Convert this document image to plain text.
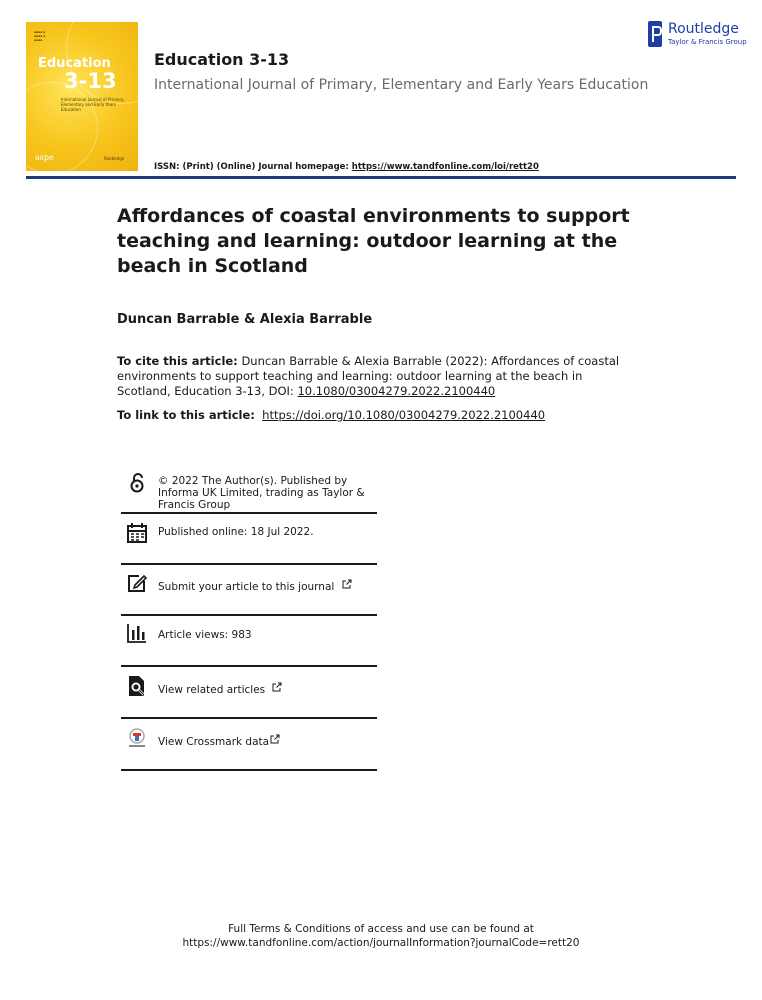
▪▪▪▪ ▪
▪▪▪▪ ▪
▪▪▪▪
Education
3-13
International Journal of Primary, Elementary and Early Years Education
aspe	Routledge
Education 3-13
International Journal of Primary, Elementary and Early Years Education
ISSN: (Print) (Online) Journal homepage: https://www.tandfonline.com/loi/rett20
Routledge
Taylor & Francis Group
Affordances of coastal environments to support teaching and learning: outdoor learning at the beach in Scotland
Duncan Barrable & Alexia Barrable
To cite this article: Duncan Barrable & Alexia Barrable (2022): Affordances of coastal environments to support teaching and learning: outdoor learning at the beach in Scotland, Education 3-13, DOI: 10.1080/03004279.2022.2100440
To link to this article: https://doi.org/10.1080/03004279.2022.2100440
© 2022 The Author(s). Published by Informa UK Limited, trading as Taylor & Francis Group
Published online: 18 Jul 2022.
Submit your article to this journal
Article views: 983
View related articles
View Crossmark data
Full Terms & Conditions of access and use can be found at
https://www.tandfonline.com/action/journalInformation?journalCode=rett20
